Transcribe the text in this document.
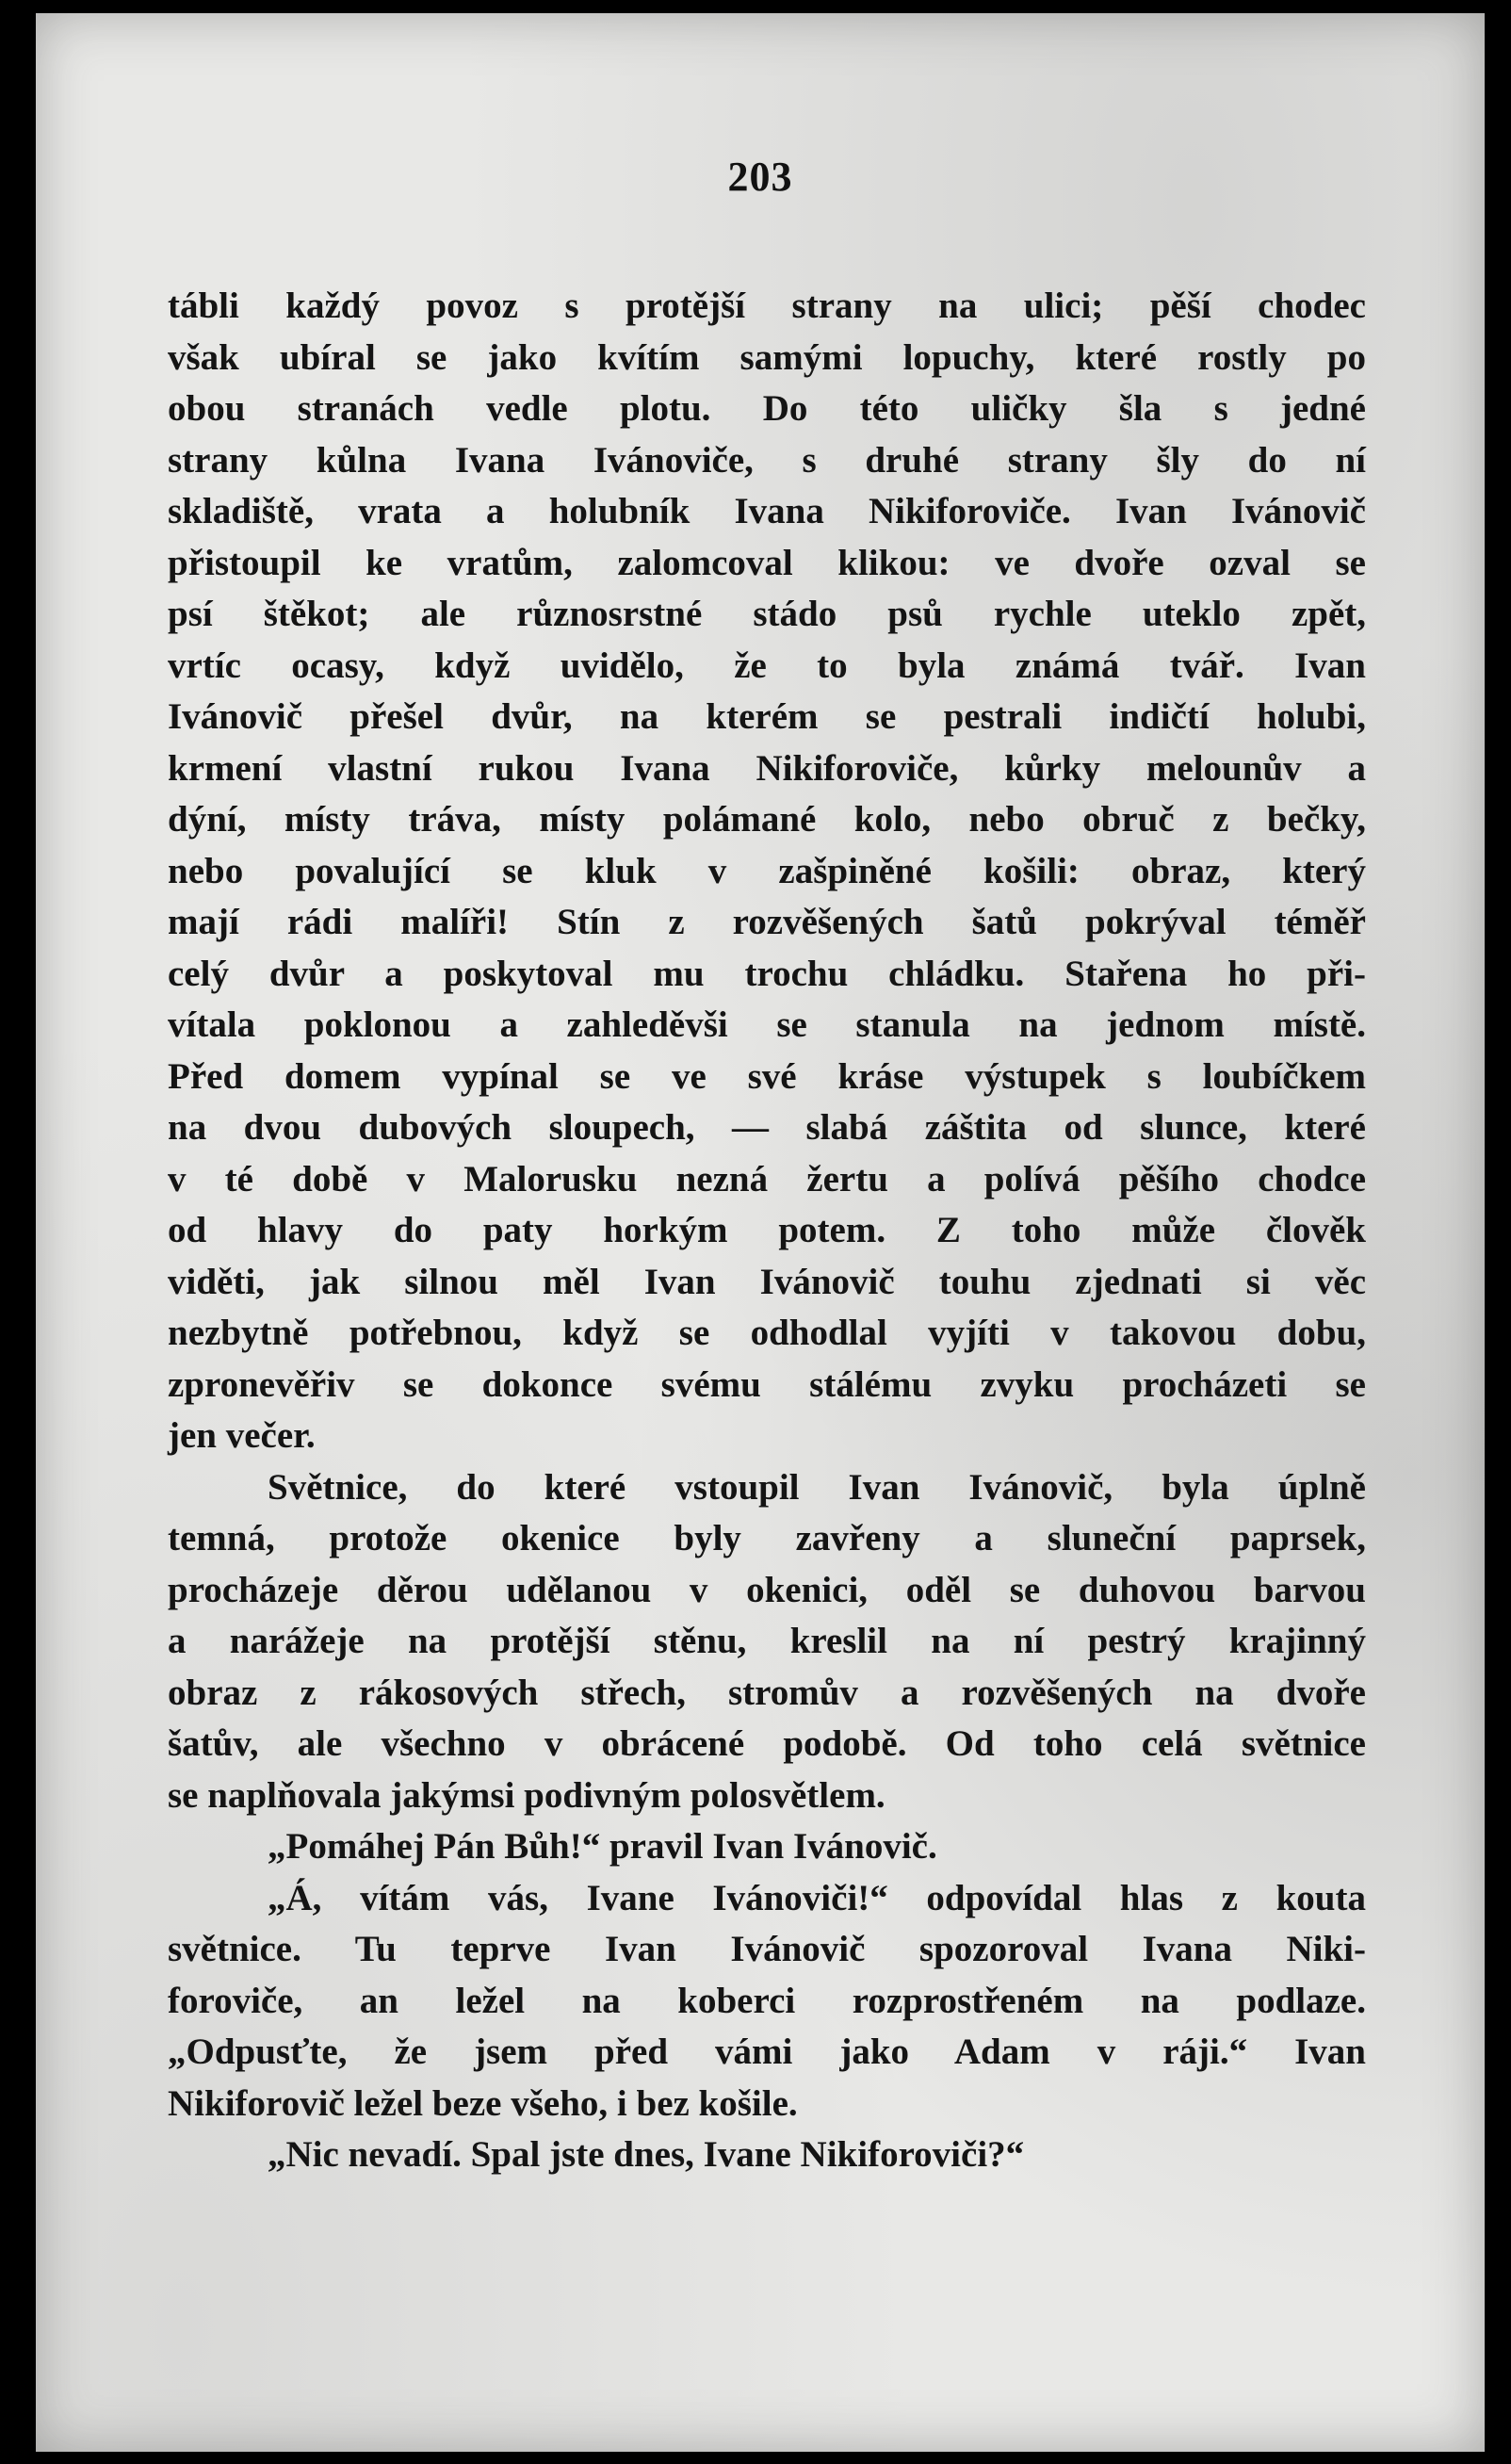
203
tábli každý povoz s protější strany na ulici; pěší chodec
však ubíral se jako kvítím samými lopuchy, které rostly po
obou stranách vedle plotu. Do této uličky šla s jedné
strany kůlna Ivana Ivánoviče, s druhé strany šly do ní
skladiště, vrata a holubník Ivana Nikiforoviče. Ivan Ivánovič
přistoupil ke vratům, zalomcoval klikou: ve dvoře ozval se
psí štěkot; ale různosrstné stádo psů rychle uteklo zpět,
vrtíc ocasy, když uvidělo, že to byla známá tvář. Ivan
Ivánovič přešel dvůr, na kterém se pestrali indičtí holubi,
krmení vlastní rukou Ivana Nikiforoviče, kůrky melounův a
dýní, místy tráva, místy polámané kolo, nebo obruč z bečky,
nebo povalující se kluk v zašpiněné košili: obraz, který
mají rádi malíři! Stín z rozvěšených šatů pokrýval téměř
celý dvůr a poskytoval mu trochu chládku. Stařena ho při-
vítala poklonou a zahleděvši se stanula na jednom místě.
Před domem vypínal se ve své kráse výstupek s loubíčkem
na dvou dubových sloupech, — slabá záštita od slunce, které
v té době v Malorusku nezná žertu a polívá pěšího chodce
od hlavy do paty horkým potem. Z toho může člověk
viděti, jak silnou měl Ivan Ivánovič touhu zjednati si věc
nezbytně potřebnou, když se odhodlal vyjíti v takovou dobu,
zpronevěřiv se dokonce svému stálému zvyku procházeti se
jen večer.
Světnice, do které vstoupil Ivan Ivánovič, byla úplně
temná, protože okenice byly zavřeny a sluneční paprsek,
procházeje děrou udělanou v okenici, oděl se duhovou barvou
a narážeje na protější stěnu, kreslil na ní pestrý krajinný
obraz z rákosových střech, stromův a rozvěšených na dvoře
šatův, ale všechno v obrácené podobě. Od toho celá světnice
se naplňovala jakýmsi podivným polosvětlem.
„Pomáhej Pán Bůh!“ pravil Ivan Ivánovič.
„Á, vítám vás, Ivane Ivánoviči!“ odpovídal hlas z kouta
světnice. Tu teprve Ivan Ivánovič spozoroval Ivana Niki-
foroviče, an ležel na koberci rozprostřeném na podlaze.
„Odpusťte, že jsem před vámi jako Adam v ráji.“ Ivan
Nikiforovič ležel beze všeho, i bez košile.
„Nic nevadí. Spal jste dnes, Ivane Nikiforoviči?“
